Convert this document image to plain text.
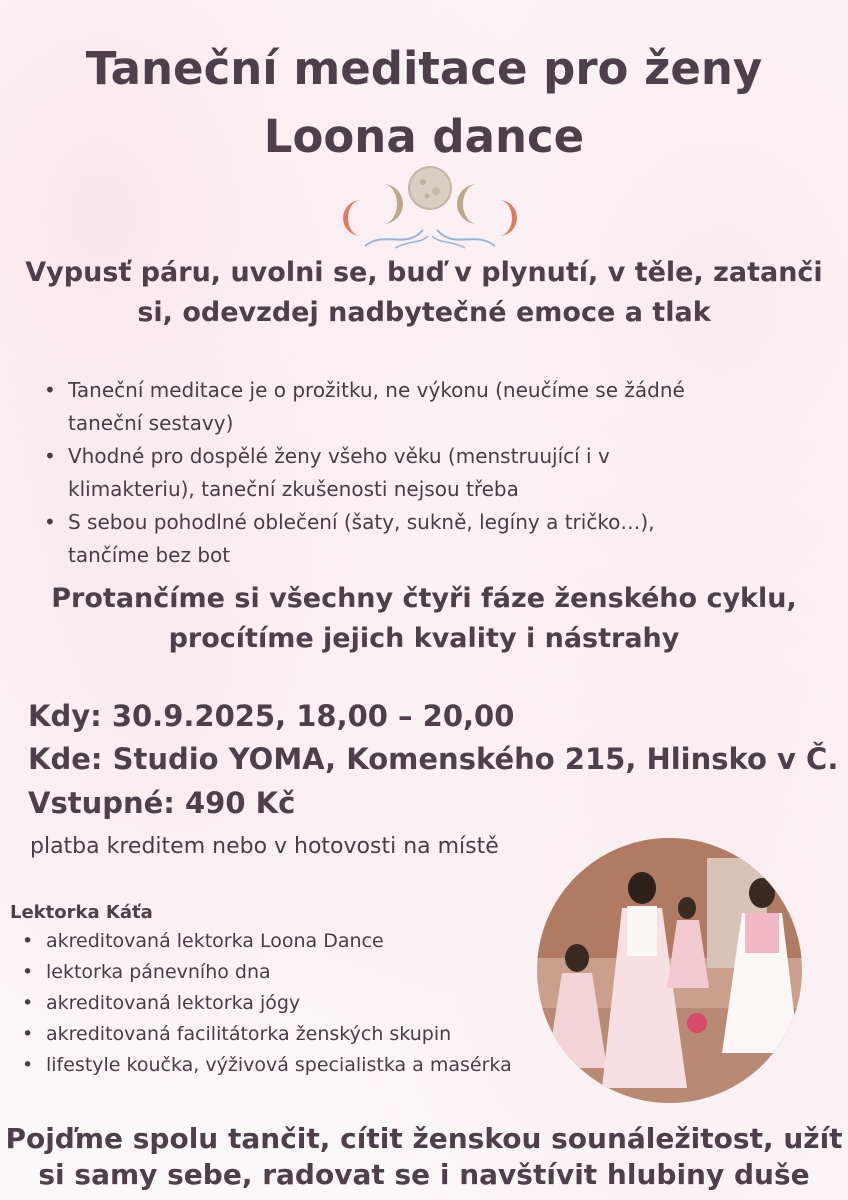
Taneční meditace pro ženy
Loona dance
Vypusť páru, uvolni se, buď v plynutí, v těle, zatanči
si, odevzdej nadbytečné emoce a tlak
• Taneční meditace je o prožitku, ne výkonu (neučíme se žádné
taneční sestavy)
• Vhodné pro dospělé ženy všeho věku (menstruující i v
klimakteriu), taneční zkušenosti nejsou třeba
• S sebou pohodlné oblečení (šaty, sukně, legíny a tričko…),
tančíme bez bot
Protančíme si všechny čtyři fáze ženského cyklu,
procítíme jejich kvality i nástrahy
Kdy: 30.9.2025, 18,00 – 20,00
Kde: Studio YOMA, Komenského 215, Hlinsko v Č.
Vstupné: 490 Kč
platba kreditem nebo v hotovosti na místě
Lektorka Káťa
• akreditovaná lektorka Loona Dance
• lektorka pánevního dna
• akreditovaná lektorka jógy
• akreditovaná facilitátorka ženských skupin
• lifestyle koučka, výživová specialistka a masérka
Pojďme spolu tančit, cítit ženskou sounáležitost, užít
si samy sebe, radovat se i navštívit hlubiny duše
